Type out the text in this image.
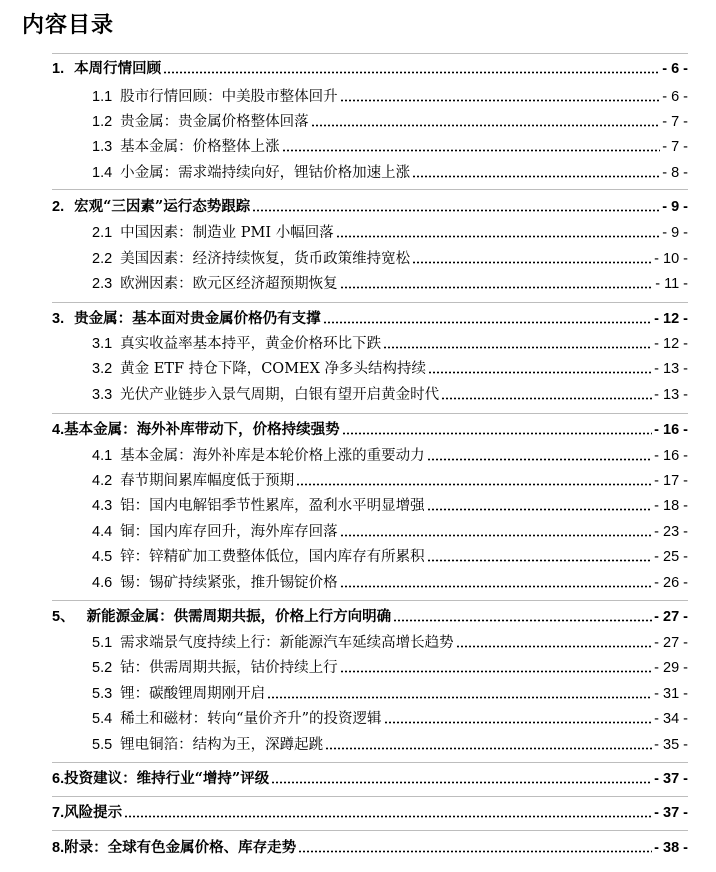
内容目录
1. 本周行情回顾	- 6 -
1.1 股市行情回顾：中美股市整体回升	- 6 -
1.2 贵金属：贵金属价格整体回落	- 7 -
1.3 基本金属：价格整体上涨	- 7 -
1.4 小金属：需求端持续向好，锂钴价格加速上涨	- 8 -
2. 宏观“三因素”运行态势跟踪	- 9 -
2.1 中国因素：制造业 PMI 小幅回落	- 9 -
2.2 美国因素：经济持续恢复，货币政策维持宽松	- 10 -
2.3 欧洲因素：欧元区经济超预期恢复	- 11 -
3. 贵金属：基本面对贵金属价格仍有支撑	- 12 -
3.1 真实收益率基本持平，黄金价格环比下跌	- 12 -
3.2 黄金 ETF 持仓下降，COMEX 净多头结构持续	- 13 -
3.3 光伏产业链步入景气周期，白银有望开启黄金时代	- 13 -
4.基本金属：海外补库带动下，价格持续强势	- 16 -
4.1 基本金属：海外补库是本轮价格上涨的重要动力	- 16 -
4.2 春节期间累库幅度低于预期	- 17 -
4.3 铝：国内电解铝季节性累库，盈利水平明显增强	- 18 -
4.4 铜：国内库存回升，海外库存回落	- 23 -
4.5 锌：锌精矿加工费整体低位，国内库存有所累积	- 25 -
4.6 锡：锡矿持续紧张，推升锡锭价格	- 26 -
5、 新能源金属：供需周期共振，价格上行方向明确	- 27 -
5.1 需求端景气度持续上行：新能源汽车延续高增长趋势	- 27 -
5.2 钴：供需周期共振，钴价持续上行	- 29 -
5.3 锂：碳酸锂周期刚开启	- 31 -
5.4 稀土和磁材：转向“量价齐升”的投资逻辑	- 34 -
5.5 锂电铜箔：结构为王，深蹲起跳	- 35 -
6.投资建议：维持行业“增持”评级	- 37 -
7.风险提示	- 37 -
8.附录：全球有色金属价格、库存走势	- 38 -
